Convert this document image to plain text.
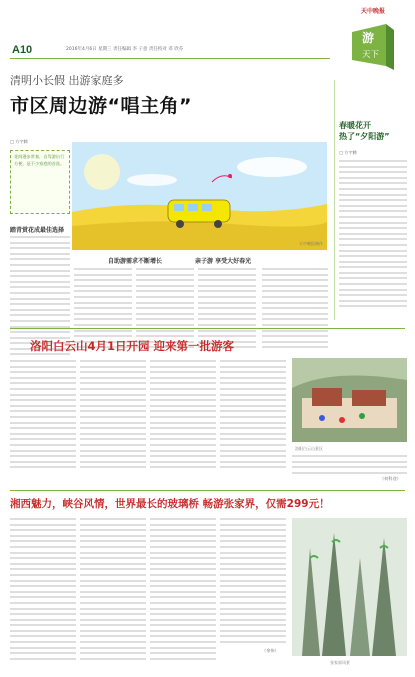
A10	2016年4月6日 星期三 责任编辑 李 子意 责任校对 邓 欣芬
天中晚报
游
天下
清明小长假 出游家庭多
市区周边游“唱主角”
□ 方宇腾
花间漫步赏春，自驾游出行方便，是不少家庭的首选。
天中晚报制作
踏青赏花成最佳选择
自助游需求不断增长	亲子游 享受大好春光
春暖花开
热了“夕阳游”
□ 方宇腾
洛阳白云山4月1日开园 迎来第一批游客
洛阳白云山景区
（何科登）
湘西魅力，峡谷风情，世界最长的玻璃桥 畅游张家界，仅需299元！
（余伟）
张家界风景
